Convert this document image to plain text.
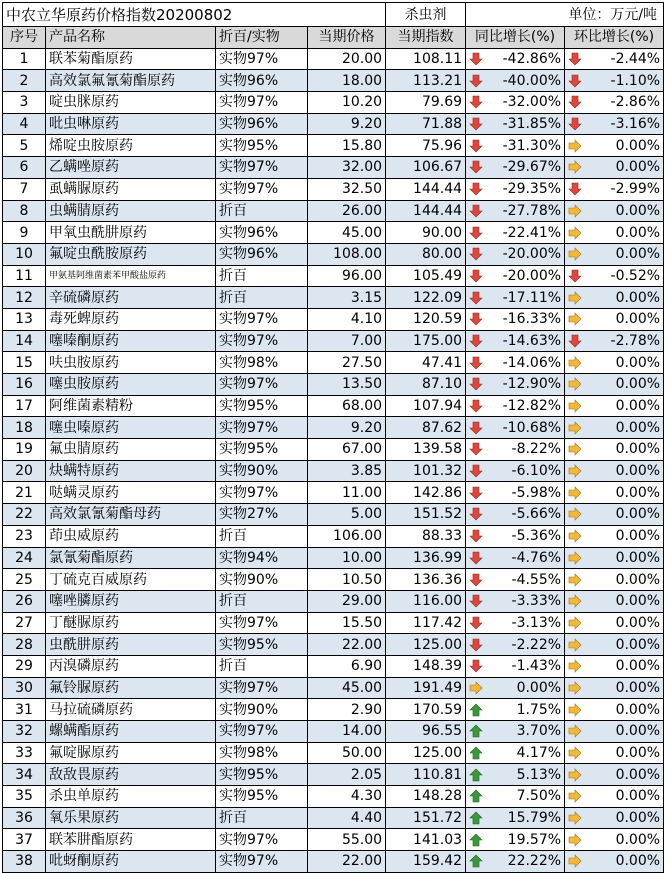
中农立华原药价格指数20200802				杀虫剂	单位：万元/吨	
序号	产品名称	折百/实物	当期价格	当期指数	同比增长(%)	环比增长(%)
1	联苯菊酯原药	实物97%	20.00	108.11	-42.86%	-2.44%

2	高效氯氟氰菊酯原药	实物96%	18.00	113.21	-40.00%	-1.10%

3	啶虫脒原药	实物97%	10.20	79.69	-32.00%	-2.86%

4	吡虫啉原药	实物96%	9.20	71.88	-31.85%	-3.16%

5	烯啶虫胺原药	实物95%	15.80	75.96	-31.30%	0.00%

6	乙螨唑原药	实物97%	32.00	106.67	-29.67%	0.00%

7	虱螨脲原药	实物97%	32.50	144.44	-29.35%	-2.99%

8	虫螨腈原药	折百	26.00	144.44	-27.78%	0.00%

9	甲氧虫酰肼原药	实物96%	45.00	90.00	-22.41%	0.00%

10	氟啶虫酰胺原药	实物96%	108.00	80.00	-20.00%	0.00%

11	甲氨基阿维菌素苯甲酸盐原药	折百	96.00	105.49	-20.00%	-0.52%

12	辛硫磷原药	折百	3.15	122.09	-17.11%	0.00%

13	毒死蜱原药	实物97%	4.10	120.59	-16.33%	0.00%

14	噻嗪酮原药	实物97%	7.00	175.00	-14.63%	-2.78%

15	呋虫胺原药	实物98%	27.50	47.41	-14.06%	0.00%

16	噻虫胺原药	实物97%	13.50	87.10	-12.90%	0.00%

17	阿维菌素精粉	实物95%	68.00	107.94	-12.82%	0.00%

18	噻虫嗪原药	实物97%	9.20	87.62	-10.68%	0.00%

19	氟虫腈原药	实物95%	67.00	139.58	-8.22%	0.00%

20	炔螨特原药	实物90%	3.85	101.32	-6.10%	0.00%

21	哒螨灵原药	实物97%	11.00	142.86	-5.98%	0.00%

22	高效氯氰菊酯母药	实物27%	5.00	151.52	-5.66%	0.00%

23	茚虫威原药	折百	106.00	88.33	-5.36%	0.00%

24	氯氰菊酯原药	实物94%	10.00	136.99	-4.76%	0.00%

25	丁硫克百威原药	实物90%	10.50	136.36	-4.55%	0.00%

26	噻唑膦原药	折百	29.00	116.00	-3.33%	0.00%

27	丁醚脲原药	实物97%	15.50	117.42	-3.13%	0.00%

28	虫酰肼原药	实物95%	22.00	125.00	-2.22%	0.00%

29	丙溴磷原药	折百	6.90	148.39	-1.43%	0.00%

30	氟铃脲原药	实物97%	45.00	191.49	0.00%	0.00%

31	马拉硫磷原药	实物90%	2.90	170.59	1.75%	0.00%

32	螺螨酯原药	实物97%	14.00	96.55	3.70%	0.00%

33	氟啶脲原药	实物98%	50.00	125.00	4.17%	0.00%

34	敌敌畏原药	实物95%	2.05	110.81	5.13%	0.00%

35	杀虫单原药	实物95%	4.30	148.28	7.50%	0.00%

36	氧乐果原药	折百	4.40	151.72	15.79%	0.00%

37	联苯肼酯原药	实物97%	55.00	141.03	19.57%	0.00%

38	吡蚜酮原药	实物97%	22.00	159.42	22.22%	0.00%
